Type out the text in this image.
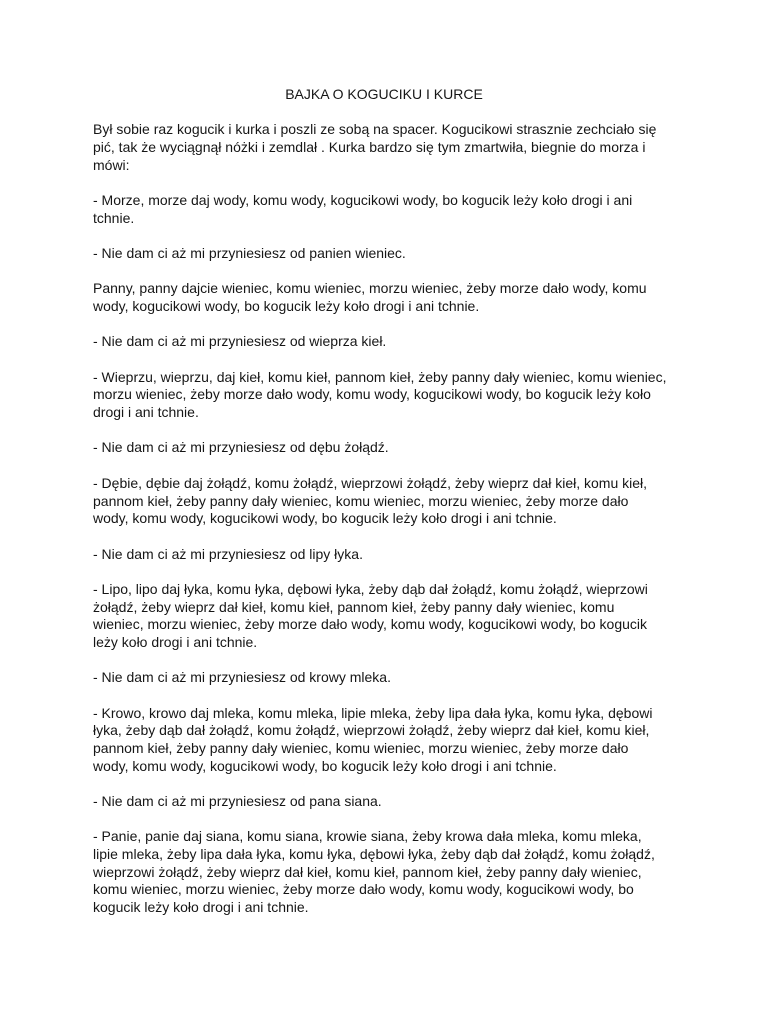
BAJKA O KOGUCIKU I KURCE

Był sobie raz kogucik i kurka i poszli ze sobą na spacer. Kogucikowi strasznie zechciało się
pić, tak że wyciągnął nóżki i zemdlał . Kurka bardzo się tym zmartwiła, biegnie do morza i
mówi:

- Morze, morze daj wody, komu wody, kogucikowi wody, bo kogucik leży koło drogi i ani
tchnie.

- Nie dam ci aż mi przyniesiesz od panien wieniec.

Panny, panny dajcie wieniec, komu wieniec, morzu wieniec, żeby morze dało wody, komu
wody, kogucikowi wody, bo kogucik leży koło drogi i ani tchnie.

- Nie dam ci aż mi przyniesiesz od wieprza kieł.

- Wieprzu, wieprzu, daj kieł, komu kieł, pannom kieł, żeby panny dały wieniec, komu wieniec,
morzu wieniec, żeby morze dało wody, komu wody, kogucikowi wody, bo kogucik leży koło
drogi i ani tchnie.

- Nie dam ci aż mi przyniesiesz od dębu żołądź.

- Dębie, dębie daj żołądź, komu żołądź, wieprzowi żołądź, żeby wieprz dał kieł, komu kieł,
pannom kieł, żeby panny dały wieniec, komu wieniec, morzu wieniec, żeby morze dało
wody, komu wody, kogucikowi wody, bo kogucik leży koło drogi i ani tchnie.

- Nie dam ci aż mi przyniesiesz od lipy łyka.

- Lipo, lipo daj łyka, komu łyka, dębowi łyka, żeby dąb dał żołądź, komu żołądź, wieprzowi
żołądź, żeby wieprz dał kieł, komu kieł, pannom kieł, żeby panny dały wieniec, komu
wieniec, morzu wieniec, żeby morze dało wody, komu wody, kogucikowi wody, bo kogucik
leży koło drogi i ani tchnie.

- Nie dam ci aż mi przyniesiesz od krowy mleka.

- Krowo, krowo daj mleka, komu mleka, lipie mleka, żeby lipa dała łyka, komu łyka, dębowi
łyka, żeby dąb dał żołądź, komu żołądź, wieprzowi żołądź, żeby wieprz dał kieł, komu kieł,
pannom kieł, żeby panny dały wieniec, komu wieniec, morzu wieniec, żeby morze dało
wody, komu wody, kogucikowi wody, bo kogucik leży koło drogi i ani tchnie.

- Nie dam ci aż mi przyniesiesz od pana siana.

- Panie, panie daj siana, komu siana, krowie siana, żeby krowa dała mleka, komu mleka,
lipie mleka, żeby lipa dała łyka, komu łyka, dębowi łyka, żeby dąb dał żołądź, komu żołądź,
wieprzowi żołądź, żeby wieprz dał kieł, komu kieł, pannom kieł, żeby panny dały wieniec,
komu wieniec, morzu wieniec, żeby morze dało wody, komu wody, kogucikowi wody, bo
kogucik leży koło drogi i ani tchnie.
